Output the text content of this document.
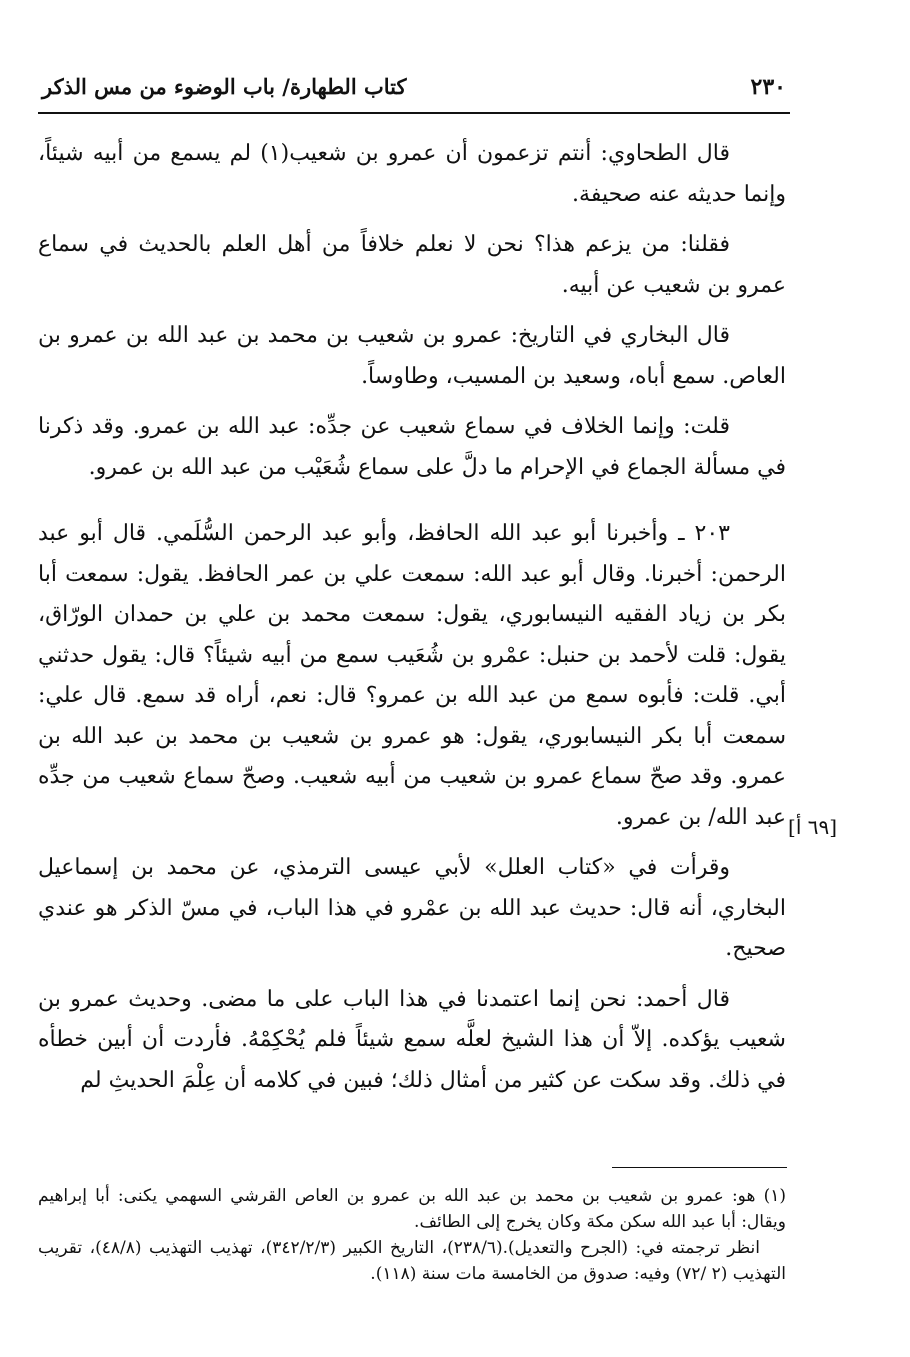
٢٣٠
كتاب الطهارة/ باب الوضوء من مس الذكر

قال الطحاوي: أنتم تزعمون أن عمرو بن شعيب(١) لم يسمع من أبيه شيئاً، وإنما حديثه عنه صحيفة.

فقلنا: من يزعم هذا؟ نحن لا نعلم خلافاً من أهل العلم بالحديث في سماع عمرو بن شعيب عن أبيه.

قال البخاري في التاريخ: عمرو بن شعيب بن محمد بن عبد الله بن عمرو بن العاص. سمع أباه، وسعيد بن المسيب، وطاوساً.

قلت: وإنما الخلاف في سماع شعيب عن جدِّه: عبد الله بن عمرو. وقد ذكرنا في مسألة الجماع في الإحرام ما دلَّ على سماع شُعَيْب من عبد الله بن عمرو.

٢٠٣ ـ وأخبرنا أبو عبد الله الحافظ، وأبو عبد الرحمن السُّلَمي. قال أبو عبد الرحمن: أخبرنا. وقال أبو عبد الله: سمعت علي بن عمر الحافظ. يقول: سمعت أبا بكر بن زياد الفقيه النيسابوري، يقول: سمعت محمد بن علي بن حمدان الورّاق، يقول: قلت لأحمد بن حنبل: عمْرو بن شُعَيب سمع من أبيه شيئاً؟ قال: يقول حدثني أبي. قلت: فأبوه سمع من عبد الله بن عمرو؟ قال: نعم، أراه قد سمع. قال علي: سمعت أبا بكر النيسابوري، يقول: هو عمرو بن شعيب بن محمد بن عبد الله بن عمرو. وقد صحّ سماع عمرو بن شعيب من أبيه شعيب. وصحّ سماع شعيب من جدِّه عبد الله/ بن عمرو.

وقرأت في «كتاب العلل» لأبي عيسى الترمذي، عن محمد بن إسماعيل البخاري، أنه قال: حديث عبد الله بن عمْرو في هذا الباب، في مسّ الذكر هو عندي صحيح.

قال أحمد: نحن إنما اعتمدنا في هذا الباب على ما مضى. وحديث عمرو بن شعيب يؤكده. إلاّ أن هذا الشيخ لعلَّه سمع شيئاً فلم يُحْكِمْهُ. فأردت أن أبين خطأه في ذلك. وقد سكت عن كثير من أمثال ذلك؛ فبين في كلامه أن عِلْمَ الحديثِ لم

[٦٩ أ]

(١) هو: عمرو بن شعيب بن محمد بن عبد الله بن عمرو بن العاص القرشي السهمي يكنى: أبا إبراهيم ويقال: أبا عبد الله سكن مكة وكان يخرج إلى الطائف.

انظر ترجمته في: (الجرح والتعديل).(٢٣٨/٦)، التاريخ الكبير (٣٤٢/٢/٣)، تهذيب التهذيب (٤٨/٨)، تقريب التهذيب (٢ /٧٢) وفيه: صدوق من الخامسة مات سنة (١١٨).
